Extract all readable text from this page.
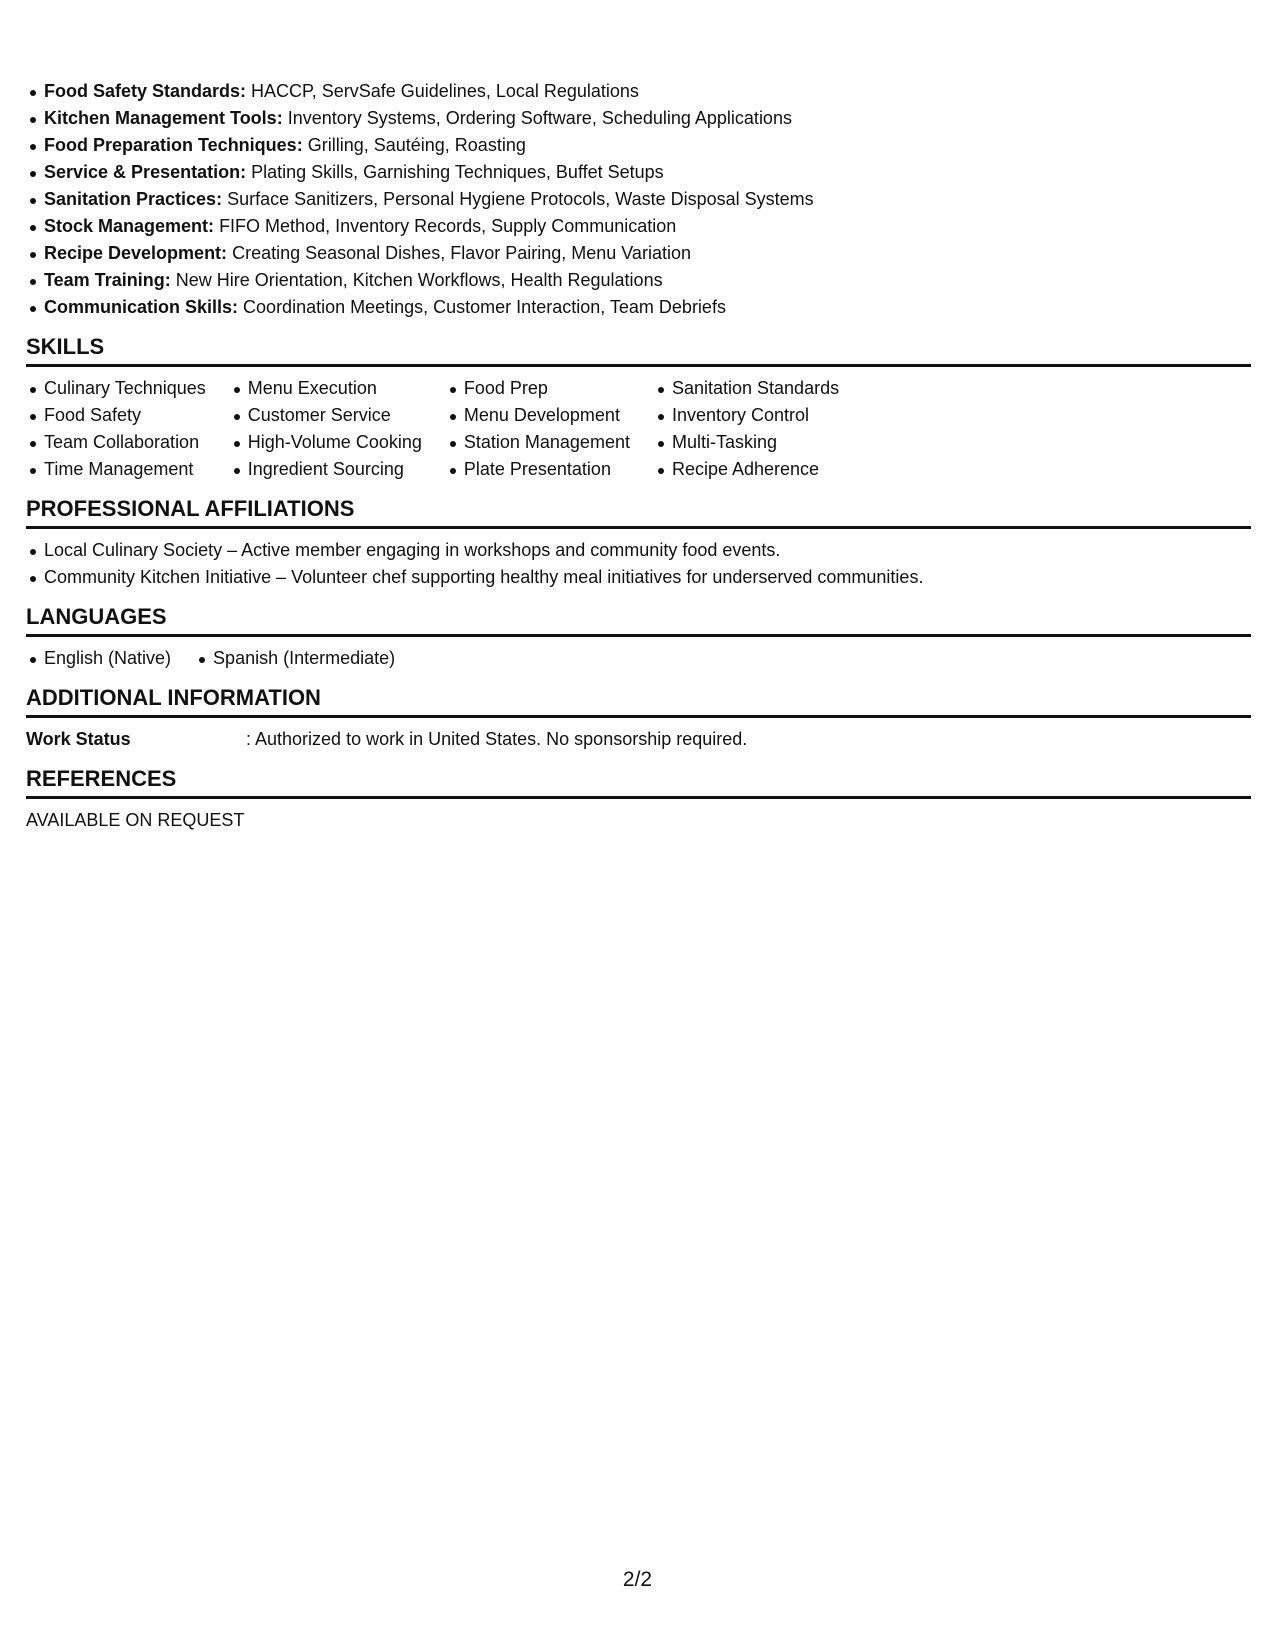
Food Safety Standards: HACCP, ServSafe Guidelines, Local Regulations
Kitchen Management Tools: Inventory Systems, Ordering Software, Scheduling Applications
Food Preparation Techniques: Grilling, Sautéing, Roasting
Service & Presentation: Plating Skills, Garnishing Techniques, Buffet Setups
Sanitation Practices: Surface Sanitizers, Personal Hygiene Protocols, Waste Disposal Systems
Stock Management: FIFO Method, Inventory Records, Supply Communication
Recipe Development: Creating Seasonal Dishes, Flavor Pairing, Menu Variation
Team Training: New Hire Orientation, Kitchen Workflows, Health Regulations
Communication Skills: Coordination Meetings, Customer Interaction, Team Debriefs
SKILLS
Culinary Techniques
Food Safety
Team Collaboration
Time Management
Menu Execution
Customer Service
High-Volume Cooking
Ingredient Sourcing
Food Prep
Menu Development
Station Management
Plate Presentation
Sanitation Standards
Inventory Control
Multi-Tasking
Recipe Adherence
PROFESSIONAL AFFILIATIONS
Local Culinary Society – Active member engaging in workshops and community food events.
Community Kitchen Initiative – Volunteer chef supporting healthy meal initiatives for underserved communities.
LANGUAGES
English (Native)	Spanish (Intermediate)
ADDITIONAL INFORMATION
Work Status	: Authorized to work in United States. No sponsorship required.
REFERENCES
AVAILABLE ON REQUEST
2/2
